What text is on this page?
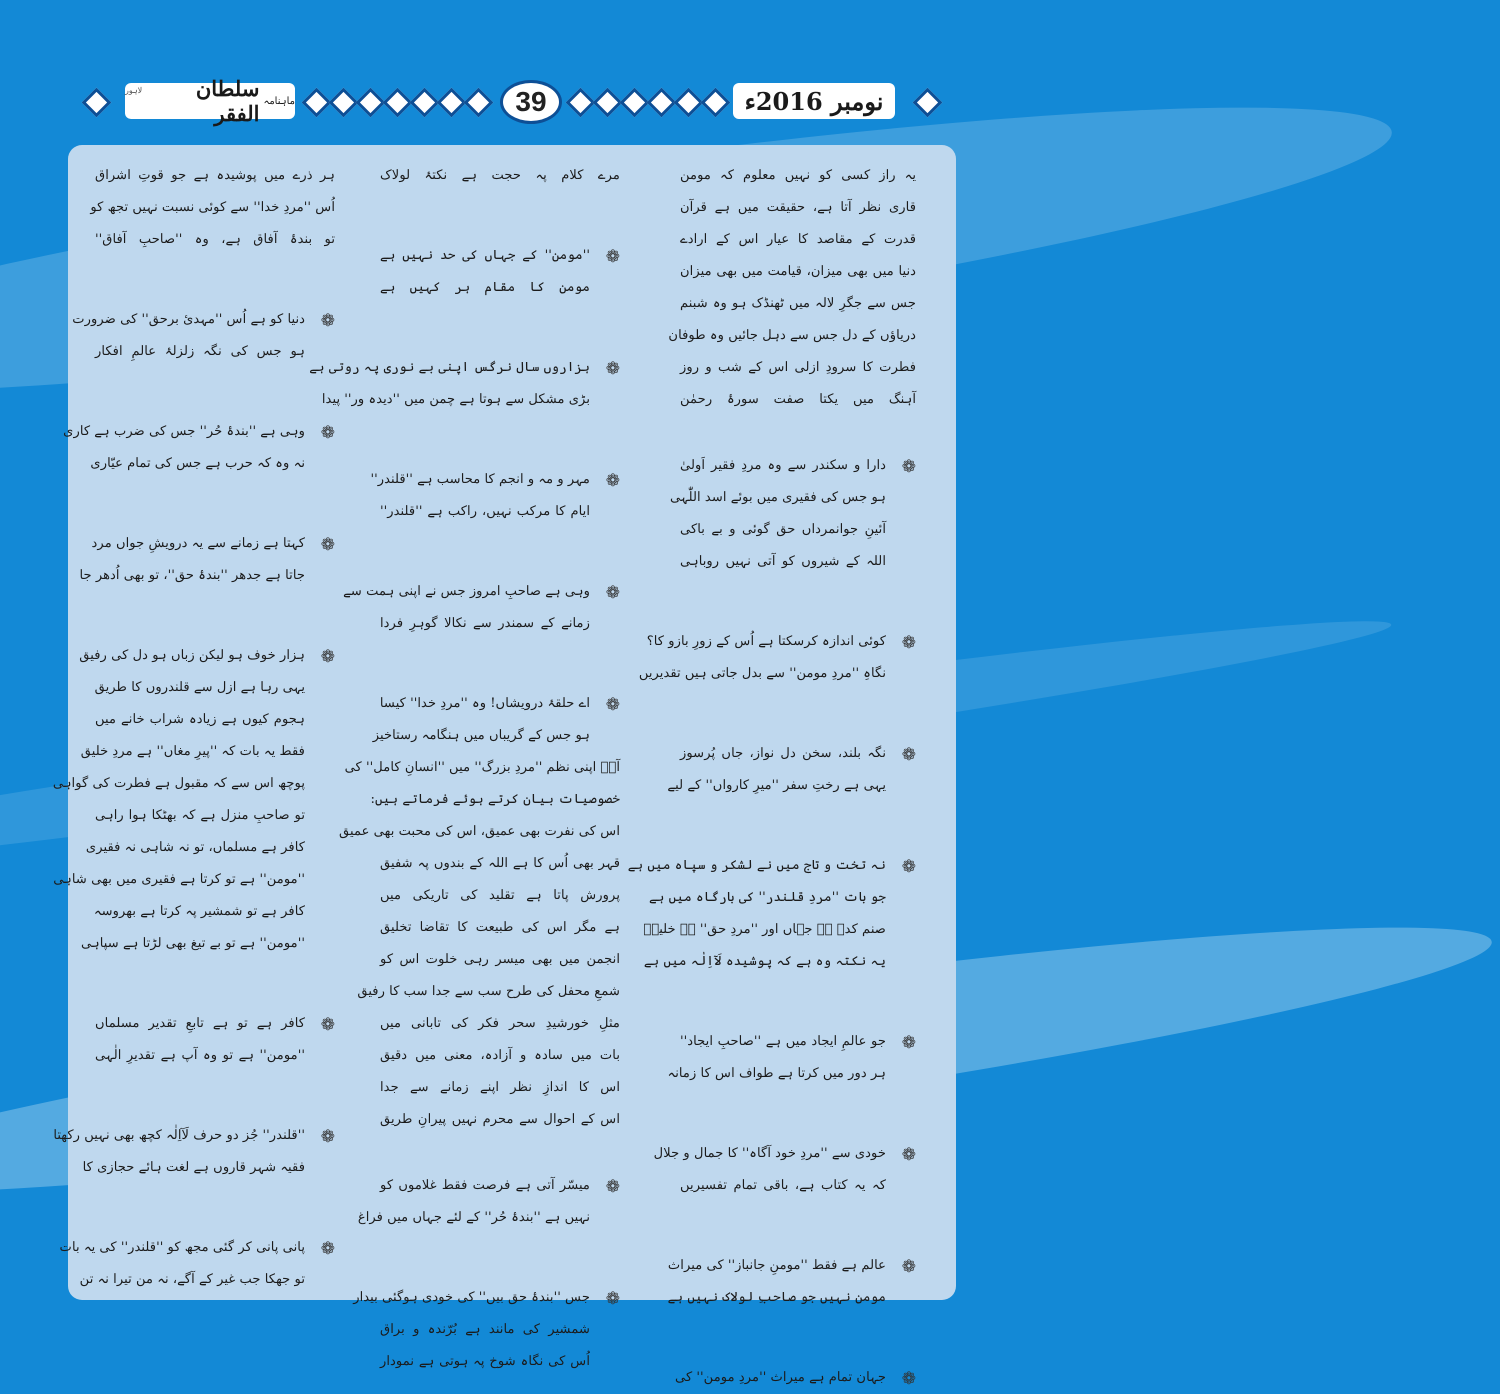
ماہنامہ
سلطان الفقر
لاہور	39	نومبر 2016ء
یہ راز کسی کو نہیں معلوم کہ مومن
قاری نظر آتا ہے، حقیقت میں ہے قرآن
قدرت کے مقاصد کا عیار اس کے ارادے
دنیا میں بھی میزان، قیامت میں بھی میزان
جس سے جگرِ لالہ میں ٹھنڈک ہو وہ شبنم
دریاؤں کے دل جس سے دہل جائیں وہ طوفان
فطرت کا سرودِ ازلی اس کے شب و روز
آہنگ میں یکتا صفت سورۂ رحمٰن
❁
دارا و سکندر سے وہ مردِ فقیر اَولیٰ
ہو جس کی فقیری میں بوئے اسد اللّٰہی
آئینِ جوانمرداں حق گوئی و بے باکی
اللہ کے شیروں کو آتی نہیں روباہی
❁
کوئی اندازہ کرسکتا ہے اُس کے زورِ بازو کا؟
نگاہِ ''مردِ مومن'' سے بدل جاتی ہیں تقدیریں
❁
نگہ بلند، سخن دل نواز، جاں پُرسوز
یہی ہے رختِ سفر ''میرِ کارواں'' کے لیے
❁
نہ تخت و تاج میں نے لشکر و سپاہ میں ہے
جو بات ''مردِ قلندر'' کی بارگاہ میں ہے
صنم کدہ ہے جہاں اور ''مردِ حق'' ہے خلیلؑ
یہ نکتہ وہ ہے کہ پوشیدہ لَآاِلٰہ میں ہے
❁
جو عالمِ ایجاد میں ہے ''صاحبِ ایجاد''
ہر دور میں کرتا ہے طواف اس کا زمانہ
❁
خودی سے ''مردِ خود آگاہ'' کا جمال و جلال
کہ یہ کتاب ہے، باقی تمام تفسیریں
❁
عالم ہے فقط ''مومنِ جانباز'' کی میراث
مومن نہیں جو صاحبِ لولاک نہیں ہے
❁
جہان تمام ہے میراث ''مردِ مومن'' کی
مرے کلام پہ حجت ہے نکتۂ لولاک
❁
''مومن'' کے جہاں کی حد نہیں ہے
مومن کا مقام ہر کہیں ہے
❁
ہزاروں سال نرگس اپنی بے نوری پہ روتی ہے
بڑی مشکل سے ہوتا ہے چمن میں ''دیدہ ور'' پیدا
❁
مہر و مہ و انجم کا محاسب ہے ''قلندر''
ایام کا مرکب نہیں، راکب ہے ''قلندر''
❁
وہی ہے صاحبِ امروز جس نے اپنی ہمت سے
زمانے کے سمندر سے نکالا گوہرِ فردا
❁
اے حلقۂ درویشاں! وہ ''مردِ خدا'' کیسا
ہو جس کے گریباں میں ہنگامہ رستاخیز
آپؒ اپنی نظم ''مردِ بزرگ'' میں ''انسانِ کامل'' کی
خصوصیات بیان کرتے ہوئے فرماتے ہیں:
اس کی نفرت بھی عمیق، اس کی محبت بھی عمیق
قہر بھی اُس کا ہے اللہ کے بندوں پہ شفیق
پرورش پاتا ہے تقلید کی تاریکی میں
ہے مگر اس کی طبیعت کا تقاضا تخلیق
انجمن میں بھی میسر رہی خلوت اس کو
شمعِ محفل کی طرح سب سے جدا سب کا رفیق
مثلِ خورشیدِ سحر فکر کی تابانی میں
بات میں سادہ و آزادہ، معنی میں دقیق
اس کا اندازِ نظر اپنے زمانے سے جدا
اس کے احوال سے محرم نہیں پیرانِ طریق
❁
میسّر آتی ہے فرصت فقط غلاموں کو
نہیں ہے ''بندۂ حُر'' کے لئے جہاں میں فراغ
❁
جس ''بندۂ حق بیں'' کی خودی ہوگئی بیدار
شمشیر کی مانند ہے بُرّندہ و براق
اُس کی نگاہ شوخ پہ ہوتی ہے نمودار
ہر ذرے میں پوشیدہ ہے جو قوتِ اشراق
اُس ''مردِ خدا'' سے کوئی نسبت نہیں تجھ کو
تو بندۂ آفاق ہے، وہ ''صاحبِ آفاق''
❁
دنیا کو ہے اُس ''مہدیٔ برحق'' کی ضرورت
ہو جس کی نگہ زلزلۂ عالمِ افکار
❁
وہی ہے ''بندۂ حُر'' جس کی ضرب ہے کاری
نہ وہ کہ حرب ہے جس کی تمام عیّاری
❁
کہتا ہے زمانے سے یہ درویشِ جواں مرد
جاتا ہے جدھر ''بندۂ حق''، تو بھی اُدھر جا
❁
ہزار خوف ہو لیکن زباں ہو دل کی رفیق
یہی رہا ہے ازل سے قلندروں کا طریق
ہجوم کیوں ہے زیادہ شراب خانے میں
فقط یہ بات کہ ''پیرِ مغاں'' ہے مردِ خلیق
پوچھ اس سے کہ مقبول ہے فطرت کی گواہی
تو صاحبِ منزل ہے کہ بھٹکا ہوا راہی
کافر ہے مسلماں، تو نہ شاہی نہ فقیری
''مومن'' ہے تو کرتا ہے فقیری میں بھی شاہی
کافر ہے تو شمشیر پہ کرتا ہے بھروسہ
''مومن'' ہے تو بے تیغ بھی لڑتا ہے سپاہی
❁
کافر ہے تو ہے تابعِ تقدیر مسلماں
''مومن'' ہے تو وہ آپ ہے تقدیرِ الٰہی
❁
''قلندر'' جُز دو حرف لَآاِلٰہ کچھ بھی نہیں رکھتا
فقیہ شہر قاروں ہے لغت ہائے حجازی کا
❁
پانی پانی کر گئی مجھ کو ''قلندر'' کی یہ بات
تو جھکا جب غیر کے آگے، نہ من تیرا نہ تن
